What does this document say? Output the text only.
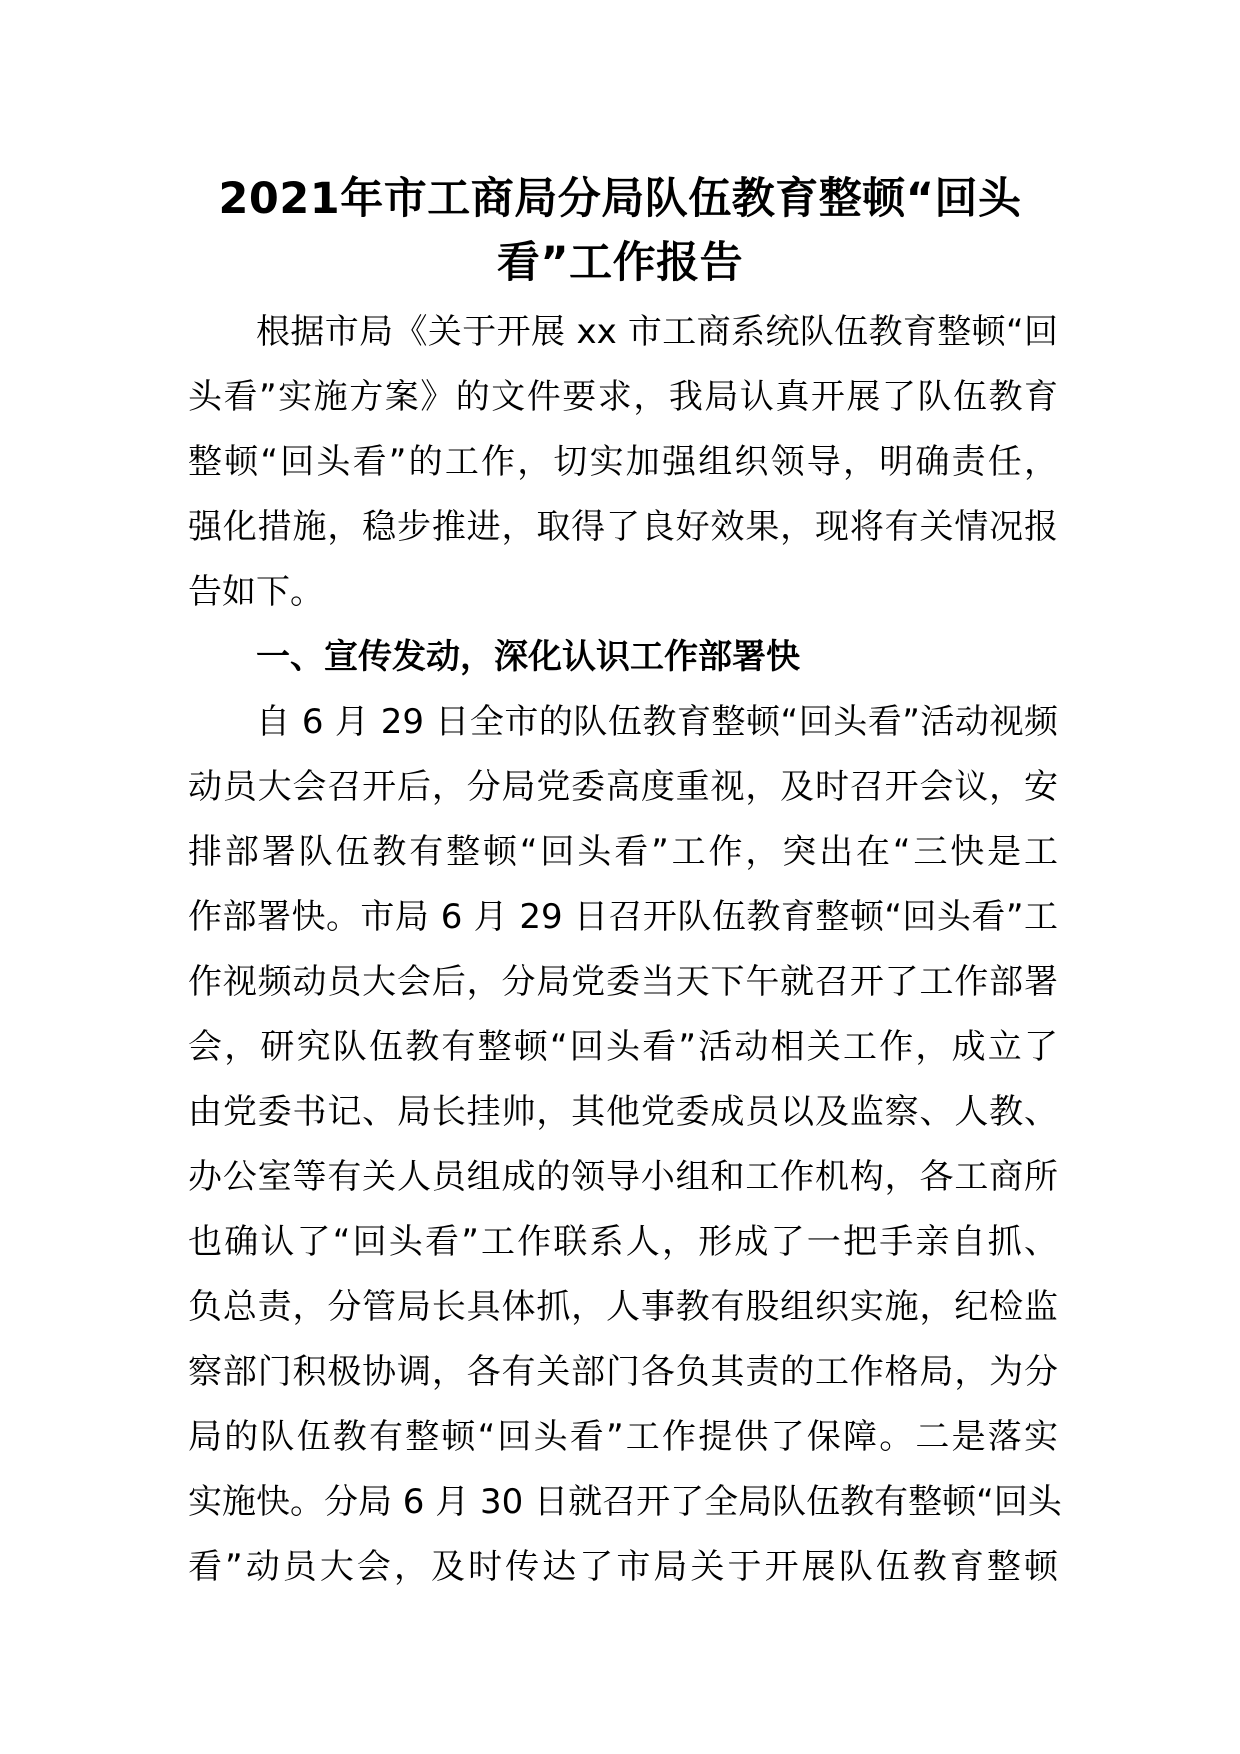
2021年市工商局分局队伍教育整顿“回头
看”工作报告
根据市局《关于开展 xx 市工商系统队伍教育整顿“回
头看”实施方案》的文件要求，我局认真开展了队伍教育
整顿“回头看”的工作，切实加强组织领导，明确责任，
强化措施，稳步推进，取得了良好效果，现将有关情况报
告如下。
一、宣传发动，深化认识工作部署快
自 6 月 29 日全市的队伍教育整顿“回头看”活动视频
动员大会召开后，分局党委高度重视，及时召开会议，安
排部署队伍教有整顿“回头看”工作，突出在“三快是工
作部署快。市局 6 月 29 日召开队伍教育整顿“回头看”工
作视频动员大会后，分局党委当天下午就召开了工作部署
会，研究队伍教有整顿“回头看”活动相关工作，成立了
由党委书记、局长挂帅，其他党委成员以及监察、人教、
办公室等有关人员组成的领导小组和工作机构，各工商所
也确认了“回头看”工作联系人，形成了一把手亲自抓、
负总责，分管局长具体抓，人事教有股组织实施，纪检监
察部门积极协调，各有关部门各负其责的工作格局，为分
局的队伍教有整顿“回头看”工作提供了保障。二是落实
实施快。分局 6 月 30 日就召开了全局队伍教有整顿“回头
看”动员大会，及时传达了市局关于开展队伍教育整顿
